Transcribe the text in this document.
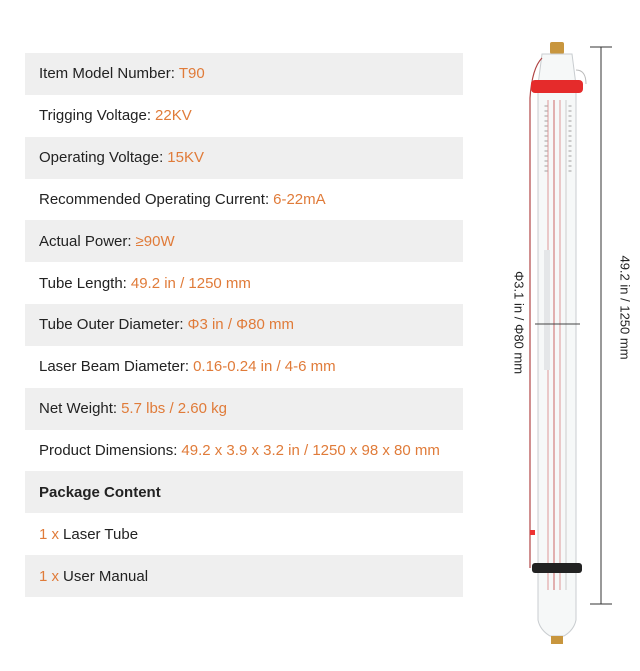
Item Model Number: T90
Trigging Voltage: 22KV
Operating Voltage: 15KV
Recommended Operating Current: 6-22mA
Actual Power: ≥90W
Tube Length: 49.2 in / 1250 mm
Tube Outer Diameter: Φ3 in / Φ80 mm
Laser Beam Diameter: 0.16-0.24 in / 4-6 mm
Net Weight: 5.7 lbs / 2.60 kg
Product Dimensions: 49.2 x 3.9 x 3.2 in / 1250 x 98 x 80 mm
Package Content
1 x Laser Tube
1 x User Manual
Φ3.1 in / Φ80 mm	49.2 in / 1250 mm
